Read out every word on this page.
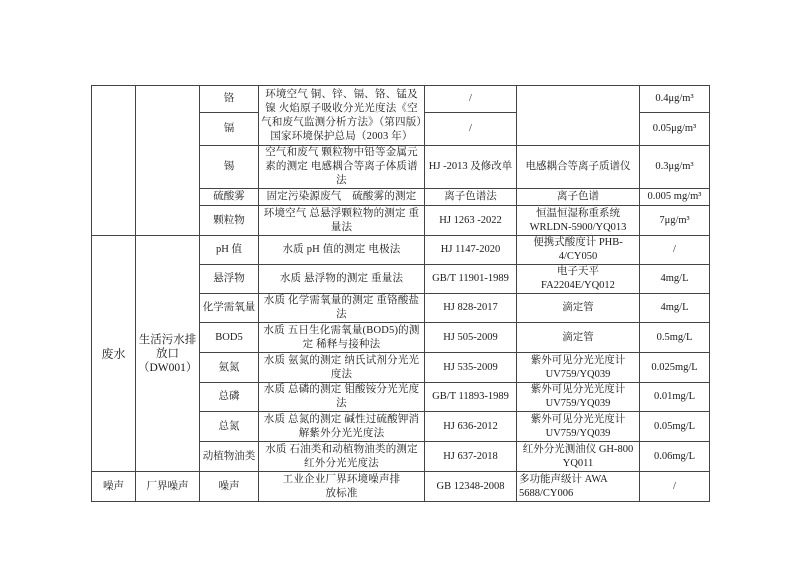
		铬	环境空气 铜、锌、镉、铬、锰及镍 火焰原子吸收分光光度法《空气和废气监测分析方法》（第四版）国家环境保护总局（2003 年）	/		0.4μg/m³
		镉		/		0.05μg/m³
		锡	空气和废气 颗粒物中铅等金属元素的测定 电感耦合等离子体质谱法	HJ -2013 及修改单	电感耦合等离子质谱仪	0.3μg/m³
		硫酸雾	固定污染源废气　硫酸雾的测定	离子色谱法	离子色谱	0.005 mg/m³
		颗粒物	环境空气 总悬浮颗粒物的测定 重量法	HJ 1263 -2022	恒温恒湿称重系统 WRLDN-5900/YQ013	7μg/m³
废水	生活污水排放口（DW001）	pH 值	水质 pH 值的测定 电极法	HJ 1147-2020	便携式酸度计 PHB-4/CY050	/
		悬浮物	水质 悬浮物的测定 重量法	GB/T 11901-1989	电子天平 FA2204E/YQ012	4mg/L
		化学需氧量	水质 化学需氧量的测定 重铬酸盐法	HJ 828-2017	滴定管	4mg/L
		BOD5	水质 五日生化需氧量(BOD5)的测定 稀释与接种法	HJ 505-2009	滴定管	0.5mg/L
		氨氮	水质 氨氮的测定 纳氏试剂分光光度法	HJ 535-2009	紫外可见分光光度计 UV759/YQ039	0.025mg/L
		总磷	水质 总磷的测定 钼酸铵分光光度法	GB/T 11893-1989	紫外可见分光光度计 UV759/YQ039	0.01mg/L
		总氮	水质 总氮的测定 碱性过硫酸钾消解紫外分光光度法	HJ 636-2012	紫外可见分光光度计 UV759/YQ039	0.05mg/L
		动植物油类	水质 石油类和动植物油类的测定 红外分光光度法	HJ 637-2018	红外分光测油仪 GH-800 YQ011	0.06mg/L
噪声	厂界噪声	噪声	工业企业厂界环境噪声排放标准	GB 12348-2008	多功能声级计 AWA 5688/CY006	/
